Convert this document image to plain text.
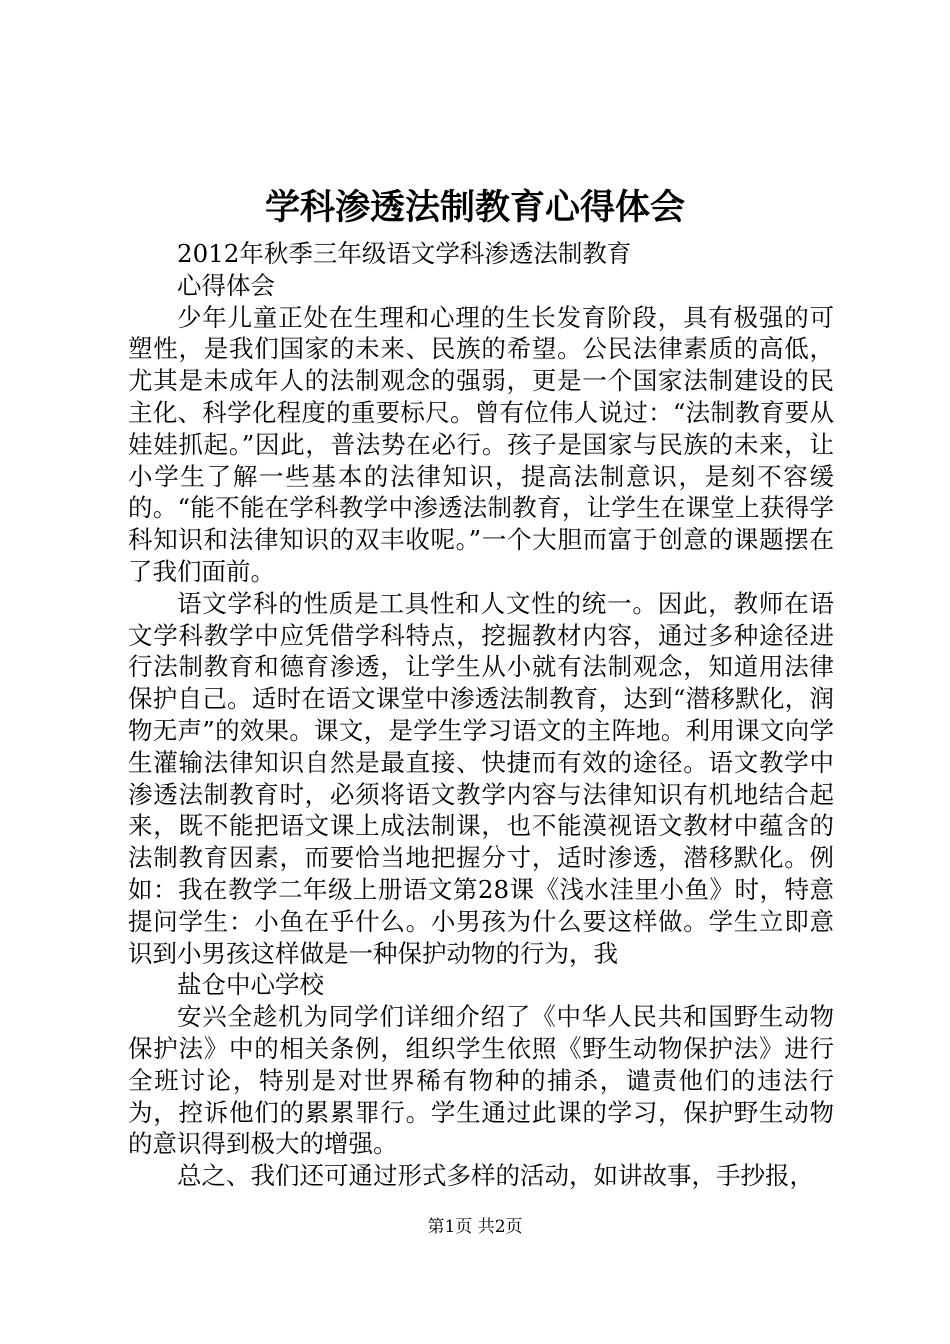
学科渗透法制教育心得体会

2012年秋季三年级语文学科渗透法制教育

心得体会

少年儿童正处在生理和心理的生长发育阶段，具有极强的可塑性，是我们国家的未来、民族的希望。公民法律素质的高低，尤其是未成年人的法制观念的强弱，更是一个国家法制建设的民主化、科学化程度的重要标尺。曾有位伟人说过：“法制教育要从娃娃抓起。”因此，普法势在必行。孩子是国家与民族的未来，让小学生了解一些基本的法律知识，提高法制意识，是刻不容缓的。“能不能在学科教学中渗透法制教育，让学生在课堂上获得学科知识和法律知识的双丰收呢。”一个大胆而富于创意的课题摆在了我们面前。

语文学科的性质是工具性和人文性的统一。因此，教师在语文学科教学中应凭借学科特点，挖掘教材内容，通过多种途径进行法制教育和德育渗透，让学生从小就有法制观念，知道用法律保护自己。适时在语文课堂中渗透法制教育，达到“潜移默化，润物无声”的效果。课文，是学生学习语文的主阵地。利用课文向学生灌输法律知识自然是最直接、快捷而有效的途径。语文教学中渗透法制教育时，必须将语文教学内容与法律知识有机地结合起来，既不能把语文课上成法制课，也不能漠视语文教材中蕴含的法制教育因素，而要恰当地把握分寸，适时渗透，潜移默化。例如：我在教学二年级上册语文第28课《浅水洼里小鱼》时，特意提问学生：小鱼在乎什么。小男孩为什么要这样做。学生立即意识到小男孩这样做是一种保护动物的行为，我

盐仓中心学校

安兴全趁机为同学们详细介绍了《中华人民共和国野生动物保护法》中的相关条例，组织学生依照《野生动物保护法》进行全班讨论，特别是对世界稀有物种的捕杀，谴责他们的违法行为，控诉他们的累累罪行。学生通过此课的学习，保护野生动物的意识得到极大的增强。

总之、我们还可通过形式多样的活动，如讲故事，手抄报，

第1页 共2页
